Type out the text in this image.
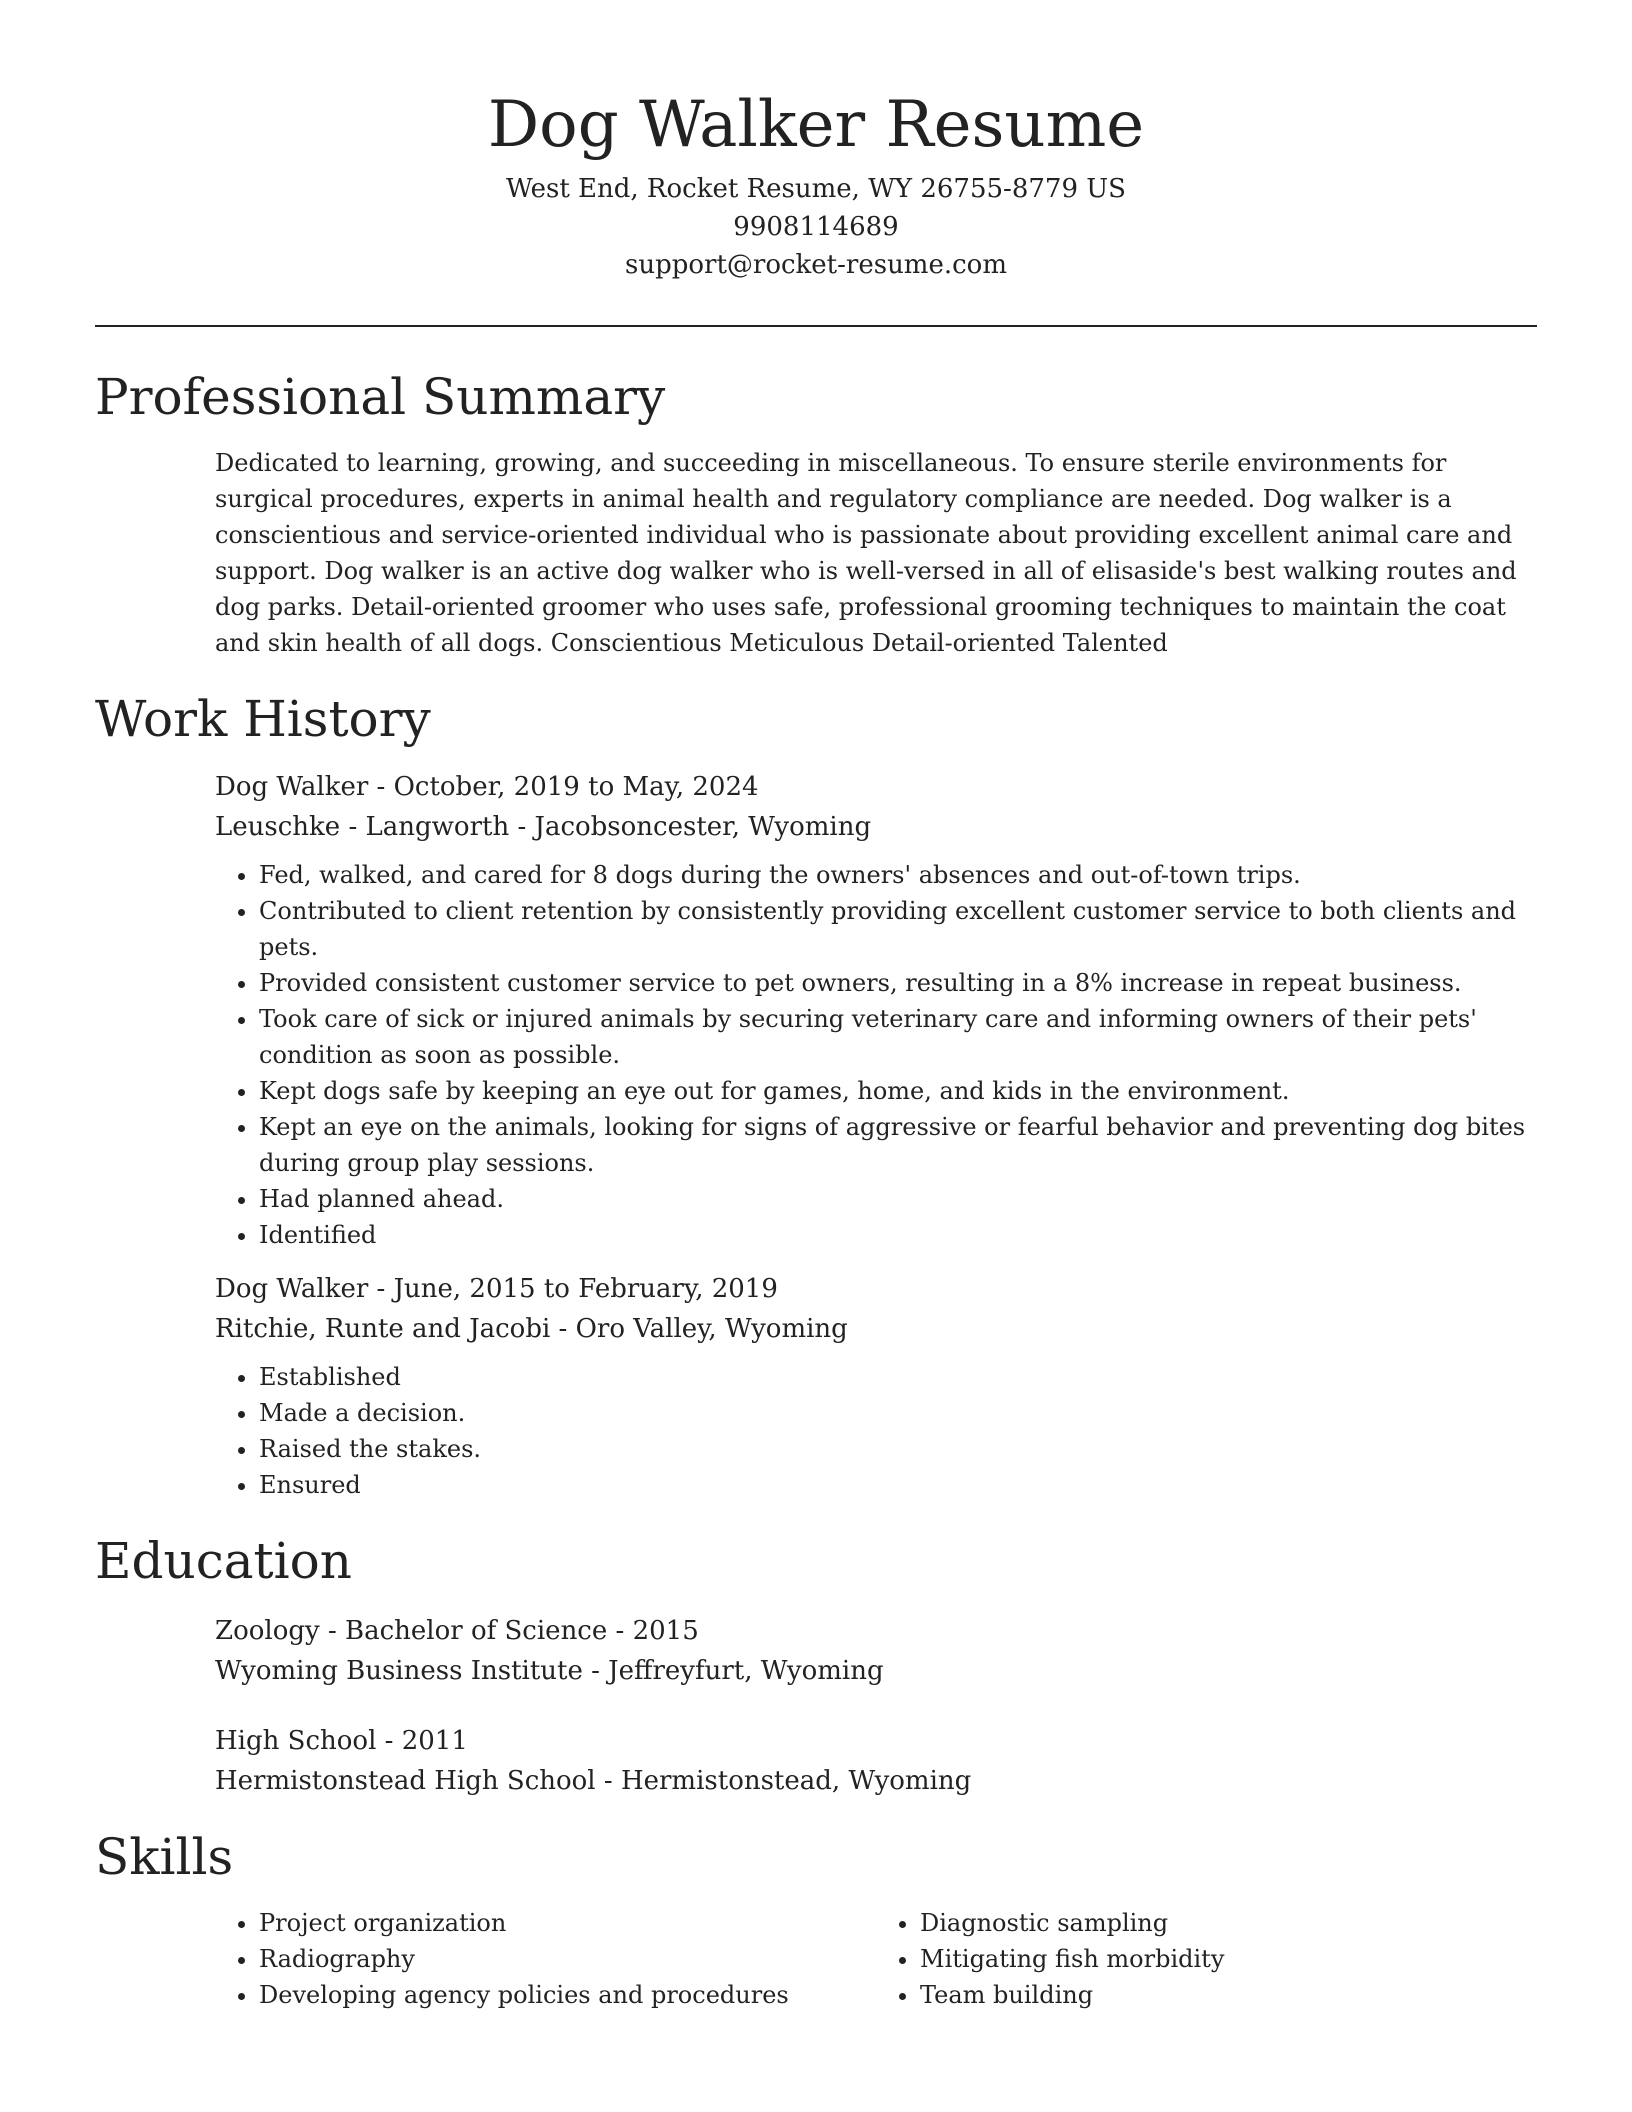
Dog Walker Resume
West End, Rocket Resume, WY 26755-8779 US
9908114689
support@rocket-resume.com
Professional Summary

Dedicated to learning, growing, and succeeding in miscellaneous. To ensure sterile environments for surgical procedures, experts in animal health and regulatory compliance are needed. Dog walker is a conscientious and service-oriented individual who is passionate about providing excellent animal care and support. Dog walker is an active dog walker who is well-versed in all of elisaside's best walking routes and dog parks. Detail-oriented groomer who uses safe, professional grooming techniques to maintain the coat and skin health of all dogs. Conscientious Meticulous Detail-oriented Talented

Work History
Dog Walker - October, 2019 to May, 2024
Leuschke - Langworth - Jacobsoncester, Wyoming
• Fed, walked, and cared for 8 dogs during the owners' absences and out-of-town trips.
• Contributed to client retention by consistently providing excellent customer service to both clients and pets.
• Provided consistent customer service to pet owners, resulting in a 8% increase in repeat business.
• Took care of sick or injured animals by securing veterinary care and informing owners of their pets' condition as soon as possible.
• Kept dogs safe by keeping an eye out for games, home, and kids in the environment.
• Kept an eye on the animals, looking for signs of aggressive or fearful behavior and preventing dog bites during group play sessions.
• Had planned ahead.
• Identified
Dog Walker - June, 2015 to February, 2019
Ritchie, Runte and Jacobi - Oro Valley, Wyoming
• Established
• Made a decision.
• Raised the stakes.
• Ensured
Education
Zoology - Bachelor of Science - 2015
Wyoming Business Institute - Jeffreyfurt, Wyoming
High School - 2011
Hermistonstead High School - Hermistonstead, Wyoming
Skills
• Project organization
• Radiography
• Developing agency policies and procedures
• Diagnostic sampling
• Mitigating fish morbidity
• Team building
